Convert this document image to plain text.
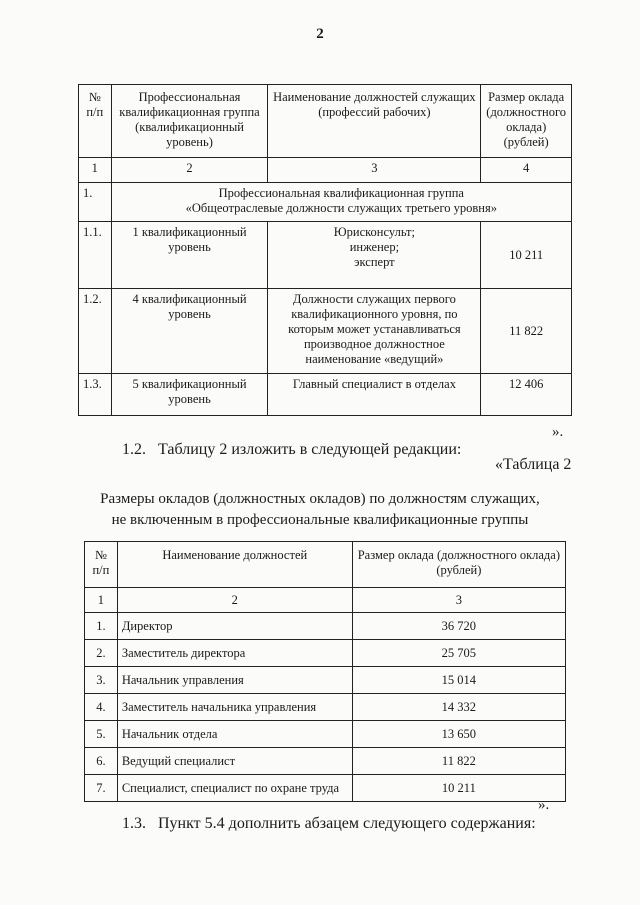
2
№ п/п	Профессиональная квалификационная группа (квалификационный уровень)	Наименование должностей служащих (профессий рабочих)	Размер оклада (должностного оклада) (рублей)
1	2	3	4
1.	Профессиональная квалификационная группа
«Общеотраслевые должности служащих третьего уровня»		

1.1.	1 квалификационный уровень	Юрисконсульт;
инженер;
эксперт	10 211
1.2.	4 квалификационный уровень	Должности служащих первого квалификационного уровня, по которым может устанавливаться производное должностное наименование «ведущий»	11 822
1.3.	5 квалификационный уровень	Главный специалист в отделах	12 406
».
1.2.   Таблицу 2 изложить в следующей редакции:
«Таблица 2
Размеры окладов (должностных окладов) по должностям служащих,
не включенным в профессиональные квалификационные группы
№ п/п	Наименование должностей	Размер оклада (должностного оклада) (рублей)
1	2	3
1.	Директор	36 720
2.	Заместитель директора	25 705
3.	Начальник управления	15 014
4.	Заместитель начальника управления	14 332
5.	Начальник отдела	13 650
6.	Ведущий специалист	11 822
7.	Специалист, специалист по охране труда	10 211
».
1.3.   Пункт 5.4 дополнить абзацем следующего содержания:
